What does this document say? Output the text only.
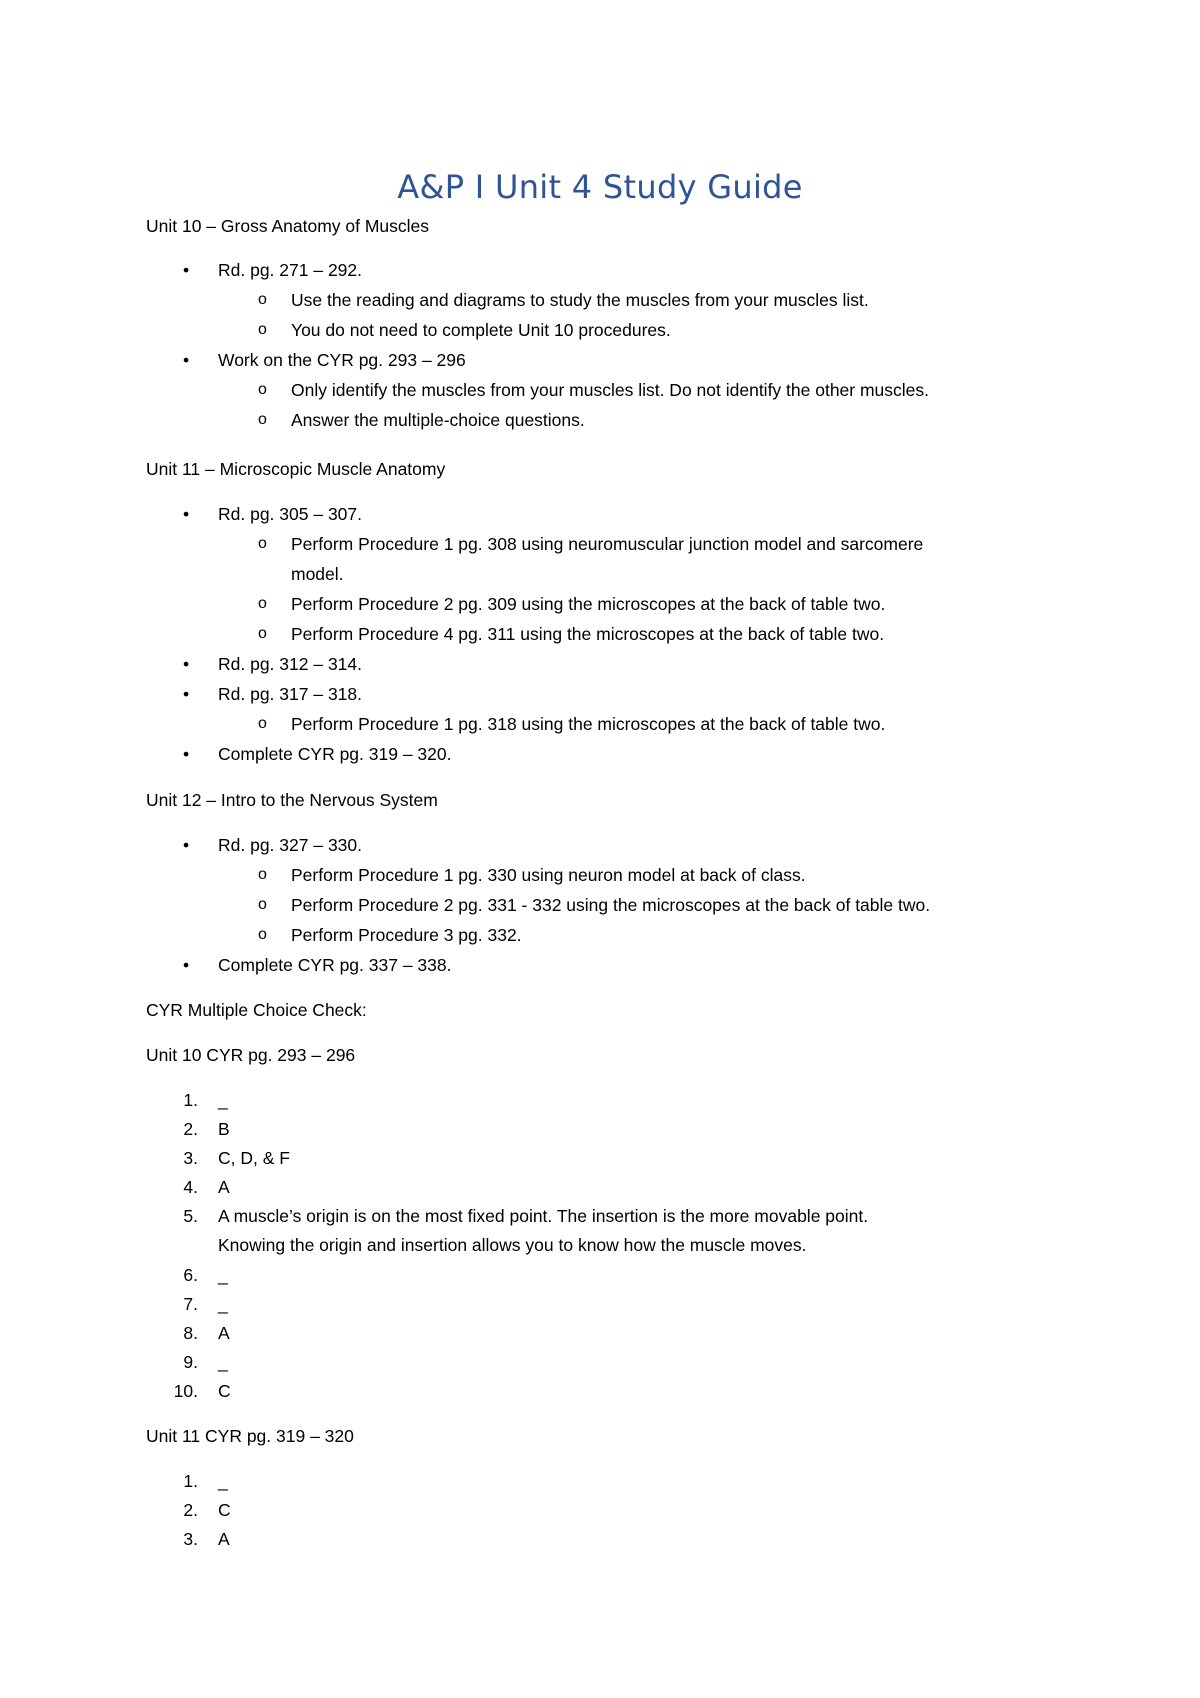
A&P I Unit 4 Study Guide
Unit 10 – Gross Anatomy of Muscles
• Rd. pg. 271 – 292.
o Use the reading and diagrams to study the muscles from your muscles list.
o You do not need to complete Unit 10 procedures.
• Work on the CYR pg. 293 – 296
o Only identify the muscles from your muscles list. Do not identify the other muscles.
o Answer the multiple-choice questions.
Unit 11 – Microscopic Muscle Anatomy
• Rd. pg. 305 – 307.
o Perform Procedure 1 pg. 308 using neuromuscular junction model and sarcomere
model.
o Perform Procedure 2 pg. 309 using the microscopes at the back of table two.
o Perform Procedure 4 pg. 311 using the microscopes at the back of table two.
• Rd. pg. 312 – 314.
• Rd. pg. 317 – 318.
o Perform Procedure 1 pg. 318 using the microscopes at the back of table two.
• Complete CYR pg. 319 – 320.
Unit 12 – Intro to the Nervous System
• Rd. pg. 327 – 330.
o Perform Procedure 1 pg. 330 using neuron model at back of class.
o Perform Procedure 2 pg. 331 - 332 using the microscopes at the back of table two.
o Perform Procedure 3 pg. 332.
• Complete CYR pg. 337 – 338.
CYR Multiple Choice Check:
Unit 10 CYR pg. 293 – 296
1. _
2. B
3. C, D, & F
4. A
5. A muscle’s origin is on the most fixed point. The insertion is the more movable point.
Knowing the origin and insertion allows you to know how the muscle moves.
6. _
7. _
8. A
9. _
10. C
Unit 11 CYR pg. 319 – 320
1. _
2. C
3. A
